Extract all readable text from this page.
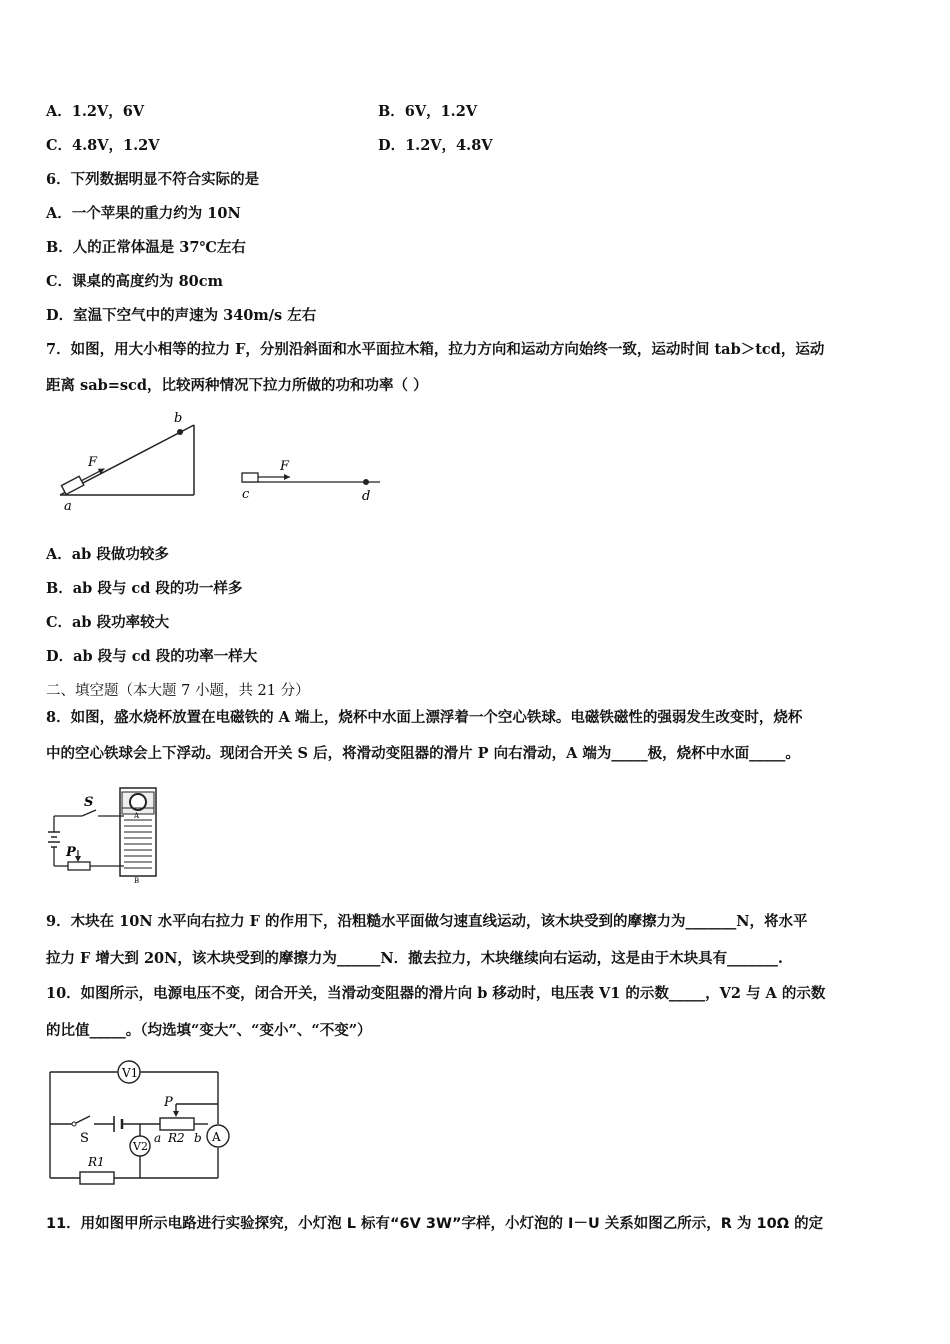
A．1.2V，6V	B．6V，1.2V
C．4.8V，1.2V	D．1.2V，4.8V
6．下列数据明显不符合实际的是
A．一个苹果的重力约为 10N
B．人的正常体温是 37℃左右
C．课桌的高度约为 80cm
D．室温下空气中的声速为 340m/s 左右
7．如图，用大小相等的拉力 F，分别沿斜面和水平面拉木箱，拉力方向和运动方向始终一致，运动时间 tab＞tcd，运动
距离 sab=scd，比较两种情况下拉力所做的功和功率（ ）
b
a
F	F
c	d
A．ab 段做功较多
B．ab 段与 cd 段的功一样多
C．ab 段功率较大
D．ab 段与 cd 段的功率一样大
二、填空题（本大题 7 小题，共 21 分）
8．如图，盛水烧杯放置在电磁铁的 A 端上，烧杯中水面上漂浮着一个空心铁球。电磁铁磁性的强弱发生改变时，烧杯
中的空心铁球会上下浮动。现闭合开关 S 后，将滑动变阻器的滑片 P 向右滑动，A 端为_____极，烧杯中水面_____。
A
B
S
P
9．木块在 10N 水平向右拉力 F 的作用下，沿粗糙水平面做匀速直线运动，该木块受到的摩擦力为_______N，将水平
拉力 F 增大到 20N，该木块受到的摩擦力为______N．撤去拉力，木块继续向右运动，这是由于木块具有_______.
10．如图所示，电源电压不变，闭合开关，当滑动变阻器的滑片向 b 移动时，电压表 V1 的示数_____，V2 与 A 的示数
的比值_____。（均选填“变大”、“变小”、“不变”）
V1
V2
P
a R2 b A
S
R1
11．用如图甲所示电路进行实验探究，小灯泡 L 标有“6V 3W”字样，小灯泡的 I－U 关系如图乙所示，R 为 10Ω 的定
